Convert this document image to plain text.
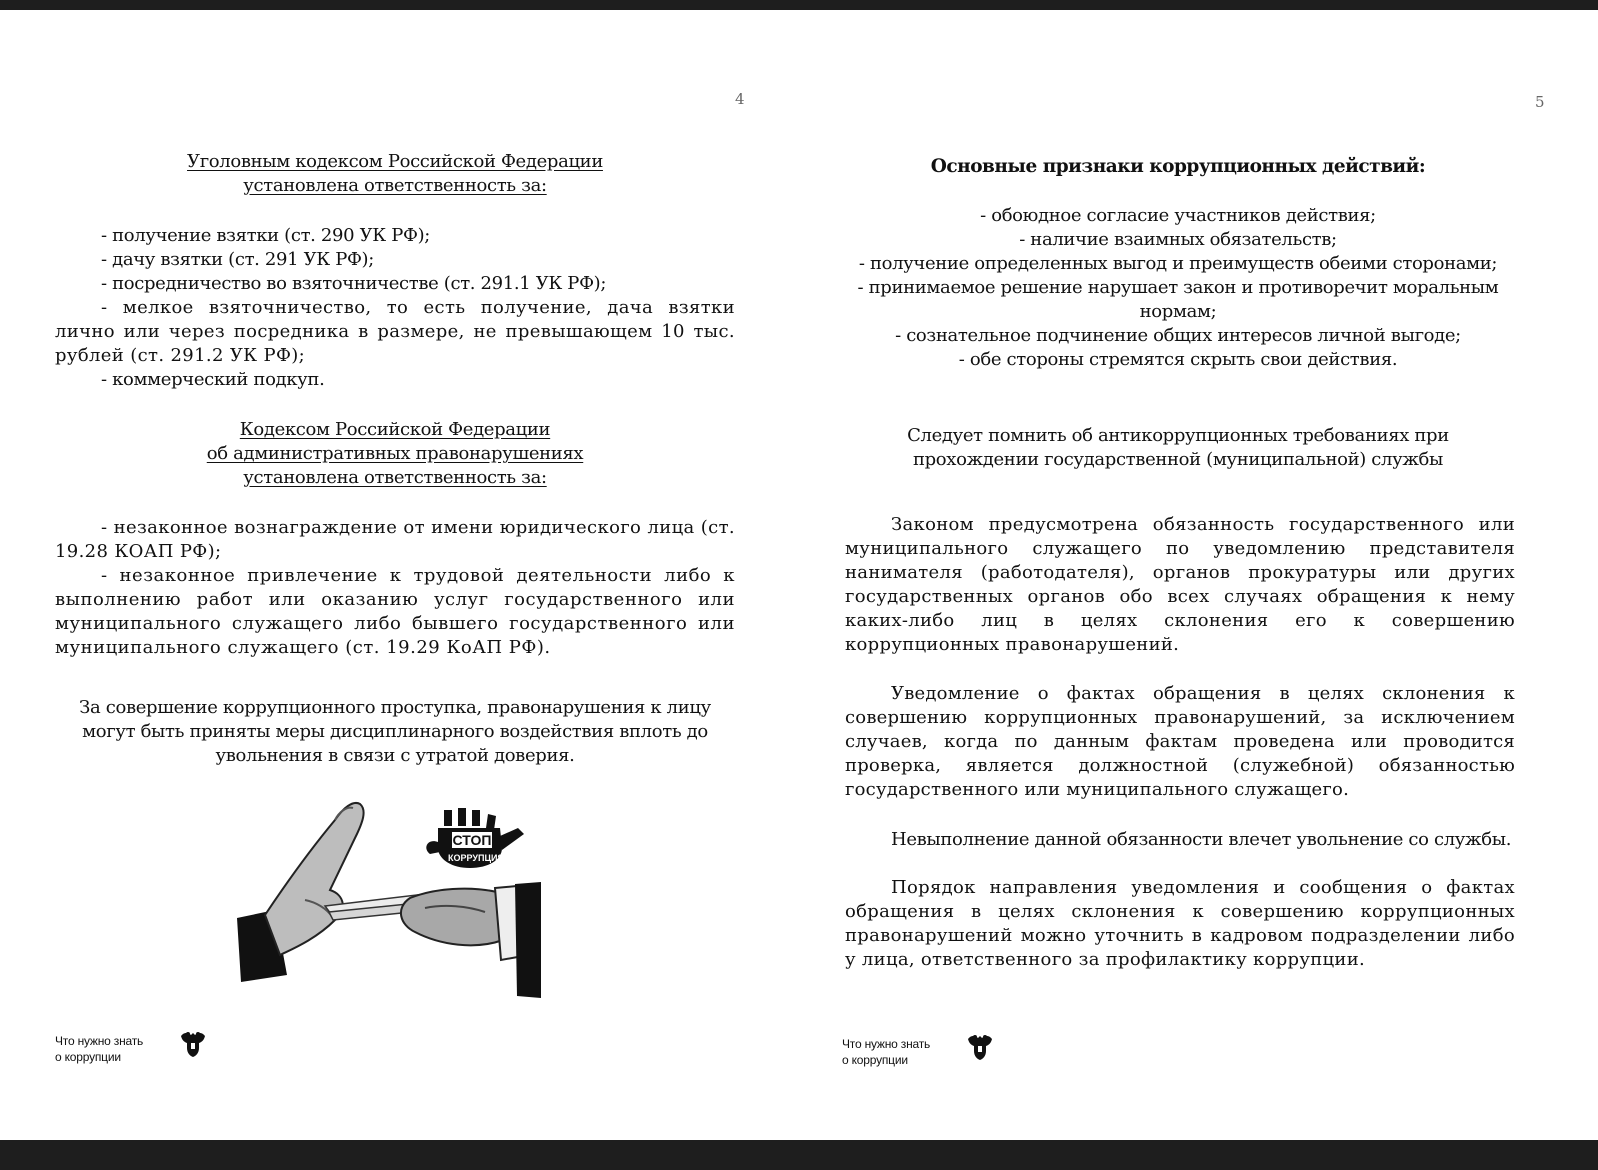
4
Уголовным кодексом Российской Федерации
установлена ответственность за:
- получение взятки (ст. 290 УК РФ);
- дачу взятки (ст. 291 УК РФ);
- посредничество во взяточничестве (ст. 291.1 УК РФ);
- мелкое взяточничество, то есть получение, дача взятки лично или через посредника в размере, не превышающем 10 тыс. рублей (ст. 291.2 УК РФ);
- коммерческий подкуп.
Кодексом Российской Федерации
об административных правонарушениях
установлена ответственность за:
- незаконное вознаграждение от имени юридического лица (ст. 19.28 КОАП РФ);
- незаконное привлечение к трудовой деятельности либо к выполнению работ или оказанию услуг государственного или муниципального служащего либо бывшего государственного или муниципального служащего (ст. 19.29 КоАП РФ).
За совершение коррупционного проступка, правонарушения к лицу могут быть приняты меры дисциплинарного воздействия вплоть до увольнения в связи с утратой доверия.
СТОП
КОРРУПЦИЯ
Что нужно знать
о коррупции
5
Основные признаки коррупционных действий:
- обоюдное согласие участников действия;
- наличие взаимных обязательств;
- получение определенных выгод и преимуществ обеими сторонами;
- принимаемое решение нарушает закон и противоречит моральным нормам;
- сознательное подчинение общих интересов личной выгоде;
- обе стороны стремятся скрыть свои действия.
Следует помнить об антикоррупционных требованиях при
прохождении государственной (муниципальной) службы
Законом предусмотрена обязанность государственного или муниципального служащего по уведомлению представителя нанимателя (работодателя), органов прокуратуры или других государственных органов обо всех случаях обращения к нему каких-либо лиц в целях склонения его к совершению коррупционных правонарушений.
Уведомление о фактах обращения в целях склонения к совершению коррупционных правонарушений, за исключением случаев, когда по данным фактам проведена или проводится проверка, является должностной (служебной) обязанностью государственного или муниципального служащего.
Невыполнение данной обязанности влечет увольнение со службы.
Порядок направления уведомления и сообщения о фактах обращения в целях склонения к совершению коррупционных правонарушений можно уточнить в кадровом подразделении либо у лица, ответственного за профилактику коррупции.
Что нужно знать
о коррупции
